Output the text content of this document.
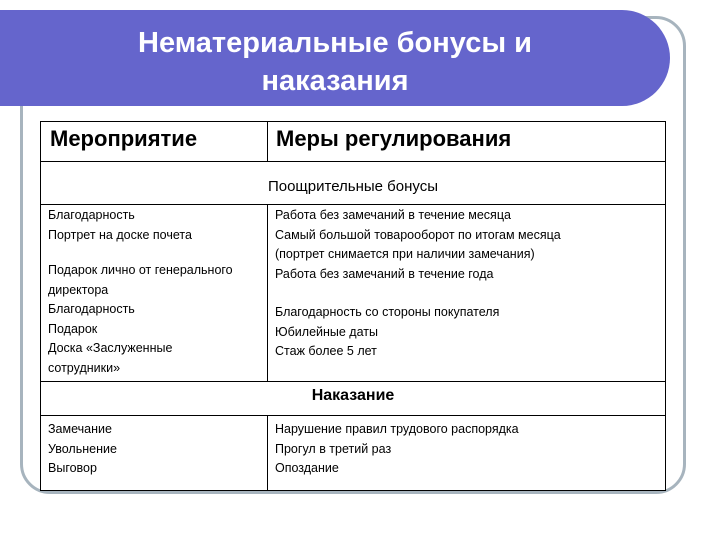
Нематериальные бонусы и
наказания
Мероприятие	Меры регулирования
Поощрительные бонусы
Благодарность
Портрет на доске почета
Подарок лично от генерального
директора
Благодарность
Подарок
Доска «Заслуженные
сотрудники»
Работа без замечаний в течение месяца
Самый большой товарооборот по итогам месяца
(портрет снимается при наличии замечания)
Работа без замечаний в течение года
Благодарность со стороны покупателя
Юбилейные даты
Стаж более 5 лет
Наказание
Замечание
Увольнение
Выговор
Нарушение правил трудового распорядка
Прогул в третий раз
Опоздание
